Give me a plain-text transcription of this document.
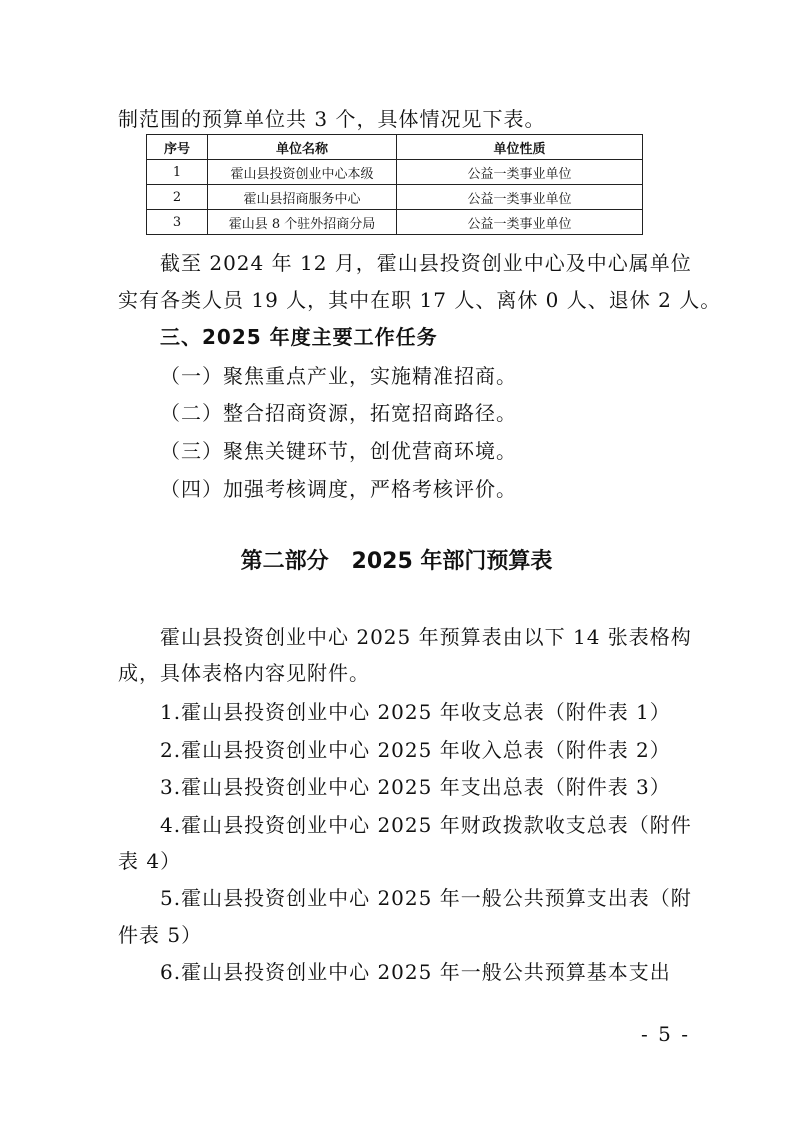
制范围的预算单位共 3 个，具体情况见下表。
序号	单位名称	单位性质
1	霍山县投资创业中心本级	公益一类事业单位
2	霍山县招商服务中心	公益一类事业单位
3	霍山县 8 个驻外招商分局	公益一类事业单位
截至 2024 年 12 月，霍山县投资创业中心及中心属单位
实有各类人员 19 人，其中在职 17 人、离休 0 人、退休 2 人。
三、2025 年度主要工作任务
（一）聚焦重点产业，实施精准招商。
（二）整合招商资源，拓宽招商路径。
（三）聚焦关键环节，创优营商环境。
（四）加强考核调度，严格考核评价。
第二部分   2025 年部门预算表
霍山县投资创业中心 2025 年预算表由以下 14 张表格构
成，具体表格内容见附件。
1.霍山县投资创业中心 2025 年收支总表（附件表 1）
2.霍山县投资创业中心 2025 年收入总表（附件表 2）
3.霍山县投资创业中心 2025 年支出总表（附件表 3）
4.霍山县投资创业中心 2025 年财政拨款收支总表（附件
表 4）
5.霍山县投资创业中心 2025 年一般公共预算支出表（附
件表 5）
6.霍山县投资创业中心 2025 年一般公共预算基本支出
- 5 -
